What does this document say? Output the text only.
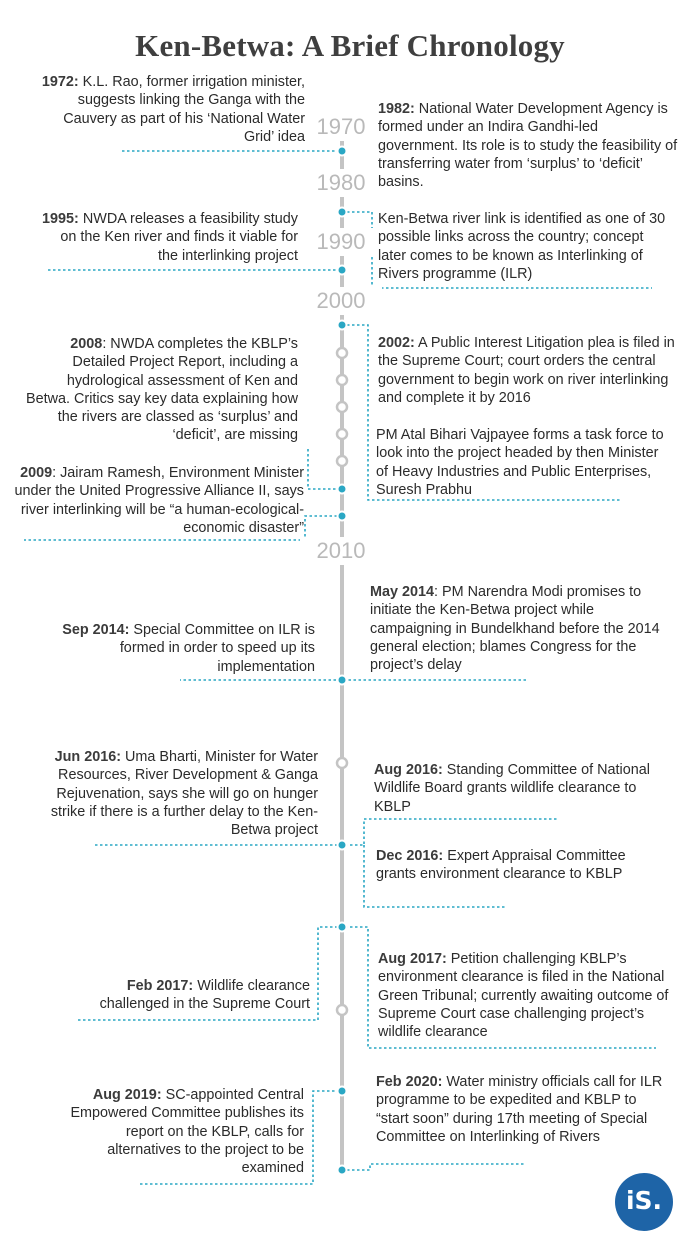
Ken-Betwa: A Brief Chronology
1970
1980
1990
2000
2010
1972: K.L. Rao, former irrigation minister, suggests linking the Ganga with the Cauvery as part of his ‘National Water Grid’ idea
1995: NWDA releases a feasibility study on the Ken river and finds it viable for the interlinking project
2008: NWDA completes the KBLP’s Detailed Project Report, including a hydrological assessment of Ken and Betwa. Critics say key data explaining how the rivers are classed as ‘surplus’ and ‘deficit’, are missing
2009: Jairam Ramesh, Environment Minister under the United Progressive Alliance II, says river interlinking will be “a human-ecological-economic disaster”
Sep 2014: Special Committee on ILR is formed in order to speed up its implementation
Jun 2016: Uma Bharti, Minister for Water Resources, River Development & Ganga Rejuvenation, says she will go on hunger strike if there is a further delay to the Ken-Betwa project
Feb 2017: Wildlife clearance challenged in the Supreme Court
Aug 2019: SC-appointed Central Empowered Committee publishes its report on the KBLP, calls for alternatives to the project to be examined
1982: National Water Development Agency is formed under an Indira Gandhi-led government. Its role is to study the feasibility of transferring water from ‘surplus’ to ‘deficit’ basins.
Ken-Betwa river link is identified as one of 30 possible links across the country; concept later comes to be known as Interlinking of Rivers programme (ILR)
2002: A Public Interest Litigation plea is filed in the Supreme Court; court orders the central government to begin work on river interlinking and complete it by 2016
PM Atal Bihari Vajpayee forms a task force to look into the project headed by then Minister of Heavy Industries and Public Enterprises, Suresh Prabhu
May 2014: PM Narendra Modi promises to initiate the Ken-Betwa project while campaigning in Bundelkhand before the 2014 general election; blames Congress for the project’s delay
Aug 2016: Standing Committee of National Wildlife Board grants wildlife clearance to KBLP
Dec 2016: Expert Appraisal Committee grants environment clearance to KBLP
Aug 2017: Petition challenging KBLP’s environment clearance is filed in the National Green Tribunal; currently awaiting outcome of Supreme Court case challenging project’s wildlife clearance
Feb 2020: Water ministry officials call for ILR programme to be expedited and KBLP to “start soon” during 17th meeting of Special Committee on Interlinking of Rivers
iS.
